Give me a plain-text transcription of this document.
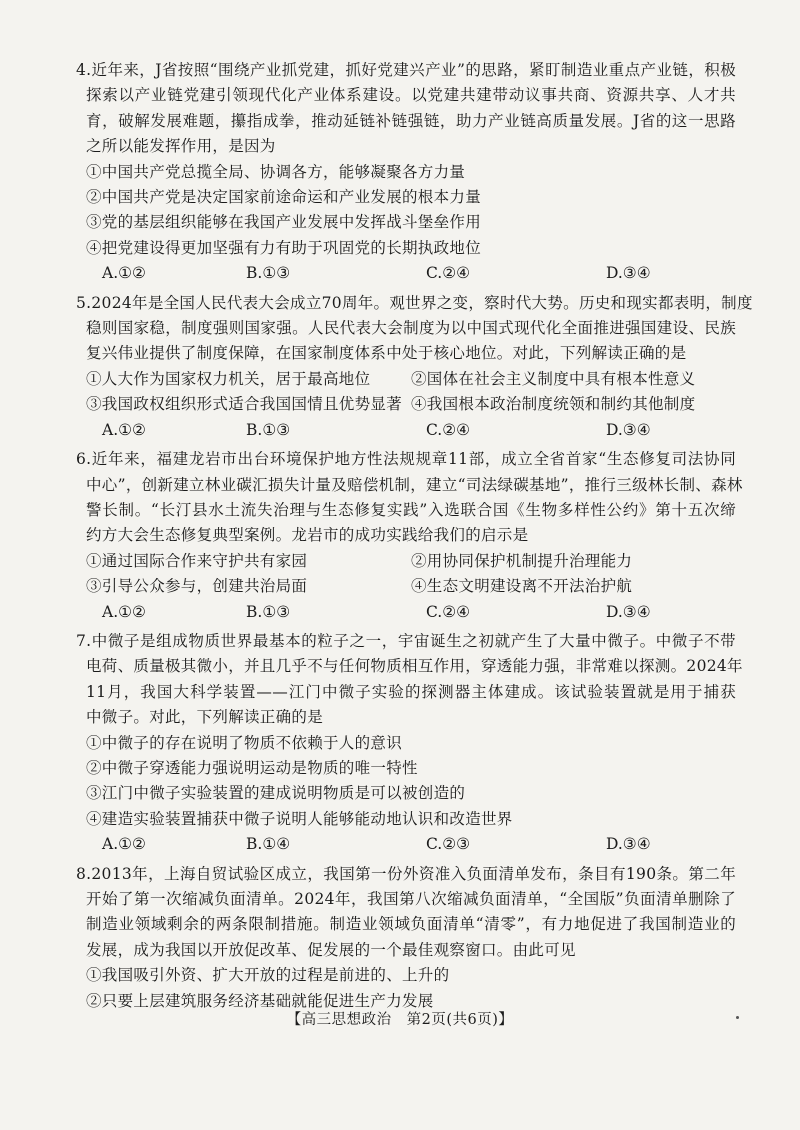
4.近年来，J省按照“围绕产业抓党建，抓好党建兴产业”的思路，紧盯制造业重点产业链，积极
探索以产业链党建引领现代化产业体系建设。以党建共建带动议事共商、资源共享、人才共
育，破解发展难题，攥指成拳，推动延链补链强链，助力产业链高质量发展。J省的这一思路
之所以能发挥作用，是因为
①中国共产党总揽全局、协调各方，能够凝聚各方力量
②中国共产党是决定国家前途命运和产业发展的根本力量
③党的基层组织能够在我国产业发展中发挥战斗堡垒作用
④把党建设得更加坚强有力有助于巩固党的长期执政地位
A.①②	B.①③	C.②④	D.③④
5.2024年是全国人民代表大会成立70周年。观世界之变，察时代大势。历史和现实都表明，制度
稳则国家稳，制度强则国家强。人民代表大会制度为以中国式现代化全面推进强国建设、民族
复兴伟业提供了制度保障，在国家制度体系中处于核心地位。对此，下列解读正确的是
①人大作为国家权力机关，居于最高地位	②国体在社会主义制度中具有根本性意义
③我国政权组织形式适合我国国情且优势显著 ④我国根本政治制度统领和制约其他制度
A.①②	B.①③	C.②④	D.③④
6.近年来，福建龙岩市出台环境保护地方性法规规章11部，成立全省首家“生态修复司法协同
中心”，创新建立林业碳汇损失计量及赔偿机制，建立“司法绿碳基地”，推行三级林长制、森林
警长制。“长汀县水土流失治理与生态修复实践”入选联合国《生物多样性公约》第十五次缔
约方大会生态修复典型案例。龙岩市的成功实践给我们的启示是
①通过国际合作来守护共有家园	②用协同保护机制提升治理能力
③引导公众参与，创建共治局面	④生态文明建设离不开法治护航
A.①②	B.①③	C.②④	D.③④
7.中微子是组成物质世界最基本的粒子之一，宇宙诞生之初就产生了大量中微子。中微子不带
电荷、质量极其微小，并且几乎不与任何物质相互作用，穿透能力强，非常难以探测。2024年
11月，我国大科学装置——江门中微子实验的探测器主体建成。该试验装置就是用于捕获
中微子。对此，下列解读正确的是
①中微子的存在说明了物质不依赖于人的意识
②中微子穿透能力强说明运动是物质的唯一特性
③江门中微子实验装置的建成说明物质是可以被创造的
④建造实验装置捕获中微子说明人能够能动地认识和改造世界
A.①②	B.①④	C.②③	D.③④
8.2013年，上海自贸试验区成立，我国第一份外资准入负面清单发布，条目有190条。第二年
开始了第一次缩减负面清单。2024年，我国第八次缩减负面清单，“全国版”负面清单删除了
制造业领域剩余的两条限制措施。制造业领域负面清单“清零”，有力地促进了我国制造业的
发展，成为我国以开放促改革、促发展的一个最佳观察窗口。由此可见
①我国吸引外资、扩大开放的过程是前进的、上升的
②只要上层建筑服务经济基础就能促进生产力发展
【高三思想政治　第2页(共6页)】
